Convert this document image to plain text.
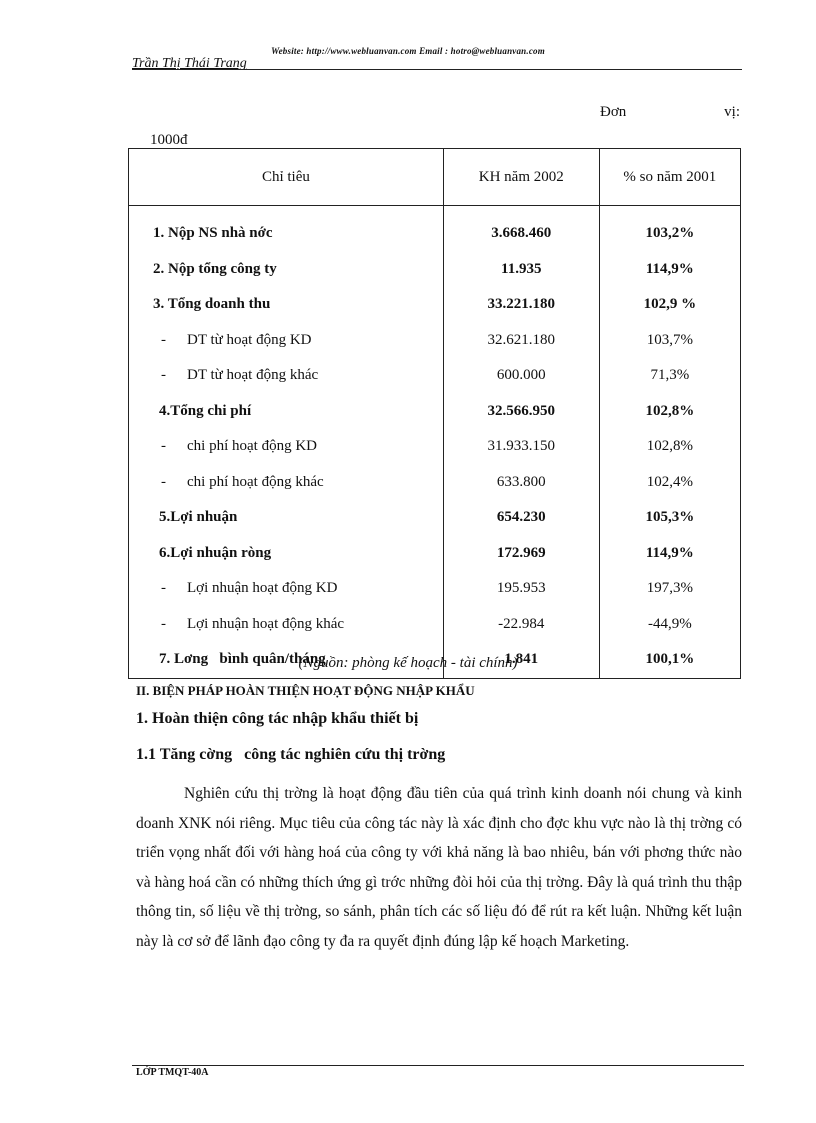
Website: http://www.webluanvan.com Email : hotro@webluanvan.com
Trần Thị Thái Trang
Đơn	vị:
1000đ
Chỉ tiêu	KH năm 2002	% so năm 2001

1. Nộp NS nhà nớc	3.668.460	103,2%
2. Nộp tổng công ty	11.935	114,9%
3. Tổng doanh thu	33.221.180	102,9 %
- DT từ hoạt động KD	32.621.180	103,7%
- DT từ hoạt động khác	600.000	71,3%
4.Tổng chi phí	32.566.950	102,8%
- chi phí hoạt động KD	31.933.150	102,8%
- chi phí hoạt động khác	633.800	102,4%
5.Lợi nhuận	654.230	105,3%
6.Lợi nhuận ròng	172.969	114,9%
- Lợi nhuận hoạt động KD	195.953	197,3%
- Lợi nhuận hoạt động khác	-22.984	-44,9%
7. Lơng   bình quân/tháng	1.841	100,1%
(Nguồn: phòng kế hoạch - tài chính)
II. BIỆN PHÁP HOÀN THIỆN HOẠT ĐỘNG NHẬP KHẨU
1. Hoàn thiện công tác nhập khẩu thiết bị
1.1 Tăng cờng   công tác nghiên cứu thị trờng

Nghiên cứu thị trờng là hoạt động đầu tiên của quá trình kinh doanh nói chung và kinh doanh XNK nói riêng. Mục tiêu của công tác này là xác định cho đợc khu vực nào là thị trờng có triển vọng nhất đối với hàng hoá của công ty với khả năng là bao nhiêu, bán với phơng thức nào và hàng hoá cần có những thích ứng gì trớc những đòi hỏi của thị trờng. Đây là quá trình thu thập thông tin, số liệu về thị trờng, so sánh, phân tích các số liệu đó để rút ra kết luận. Những kết luận này là cơ sở để lãnh đạo công ty đa ra quyết định đúng lập kế hoạch Marketing.

LỚP TMQT-40A
